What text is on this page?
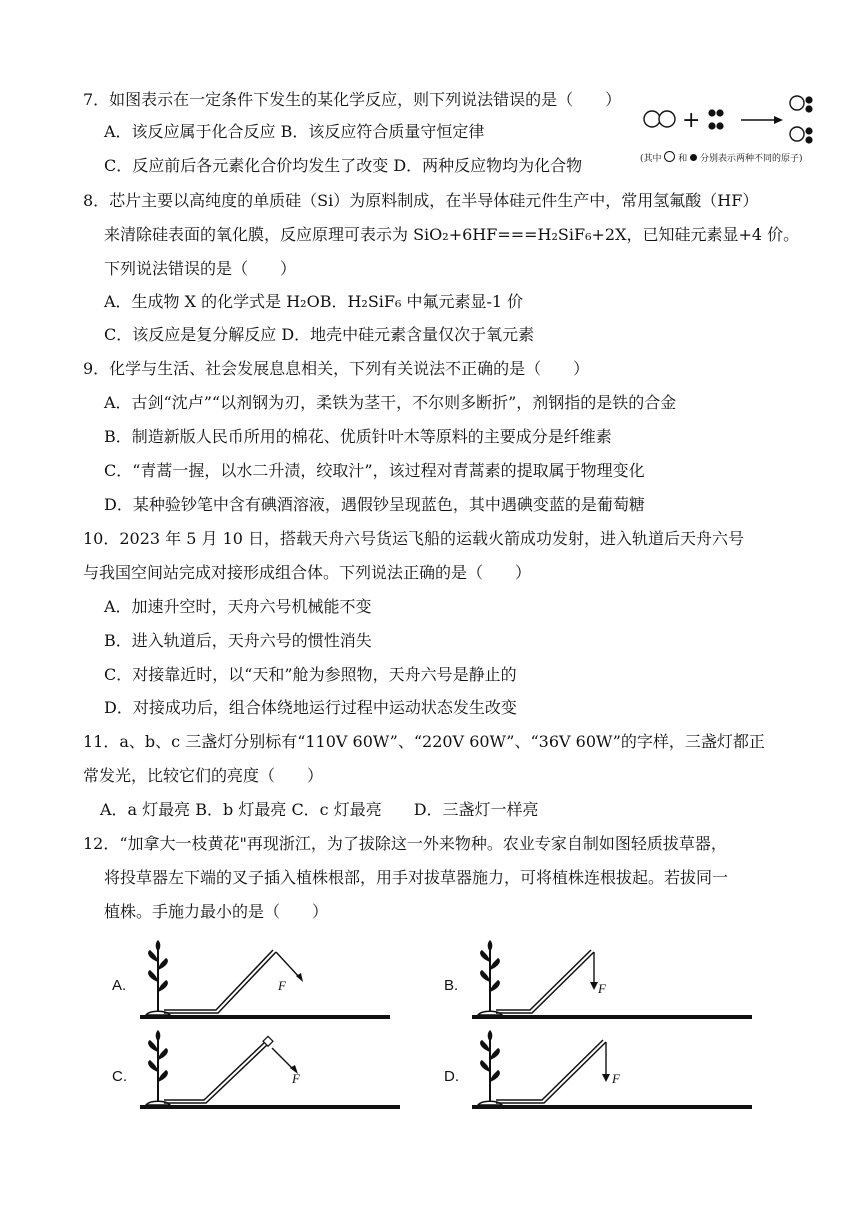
7．如图表示在一定条件下发生的某化学反应，则下列说法错误的是（　　）
A．该反应属于化合反应 B．该反应符合质量守恒定律
C．反应前后各元素化合价均发生了改变 D．两种反应物均为化合物
+
(其中 和 分别表示两种不同的原子)
8．芯片主要以高纯度的单质硅（Si）为原料制成，在半导体硅元件生产中，常用氢氟酸（HF）
来清除硅表面的氧化膜，反应原理可表示为 SiO₂+6HF===H₂SiF₆+2X，已知硅元素显+4 价。
下列说法错误的是（　　）
A．生成物 X 的化学式是 H₂OB．H₂SiF₆ 中氟元素显-1 价
C．该反应是复分解反应 D．地壳中硅元素含量仅次于氧元素
9．化学与生活、社会发展息息相关，下列有关说法不正确的是（　　）
A．古剑“沈卢”“以剂钢为刃，柔铁为茎干，不尔则多断折”，剂钢指的是铁的合金
B．制造新版人民币所用的棉花、优质针叶木等原料的主要成分是纤维素
C．“青蒿一握，以水二升渍，绞取汁”，该过程对青蒿素的提取属于物理变化
D．某种验钞笔中含有碘酒溶液，遇假钞呈现蓝色，其中遇碘变蓝的是葡萄糖
10．2023 年 5 月 10 日，搭载天舟六号货运飞船的运载火箭成功发射，进入轨道后天舟六号
与我国空间站完成对接形成组合体。下列说法正确的是（　　）
A．加速升空时，天舟六号机械能不变
B．进入轨道后，天舟六号的惯性消失
C．对接靠近时，以“天和”舱为参照物，天舟六号是静止的
D．对接成功后，组合体绕地运行过程中运动状态发生改变
11．a、b、c 三盏灯分别标有“110V 60W”、“220V 60W”、“36V 60W”的字样，三盏灯都正
常发光，比较它们的亮度（　　）
A．a 灯最亮 B．b 灯最亮 C．c 灯最亮　　D．三盏灯一样亮
12．“加拿大一枝黄花"再现浙江，为了拔除这一外来物种。农业专家自制如图轻质拔草器，
将投草器左下端的叉子插入植株根部，用手对拔草器施力，可将植株连根拔起。若拔同一
植株。手施力最小的是（　　）
A.	F	B.	F
C.	F	D.	F
